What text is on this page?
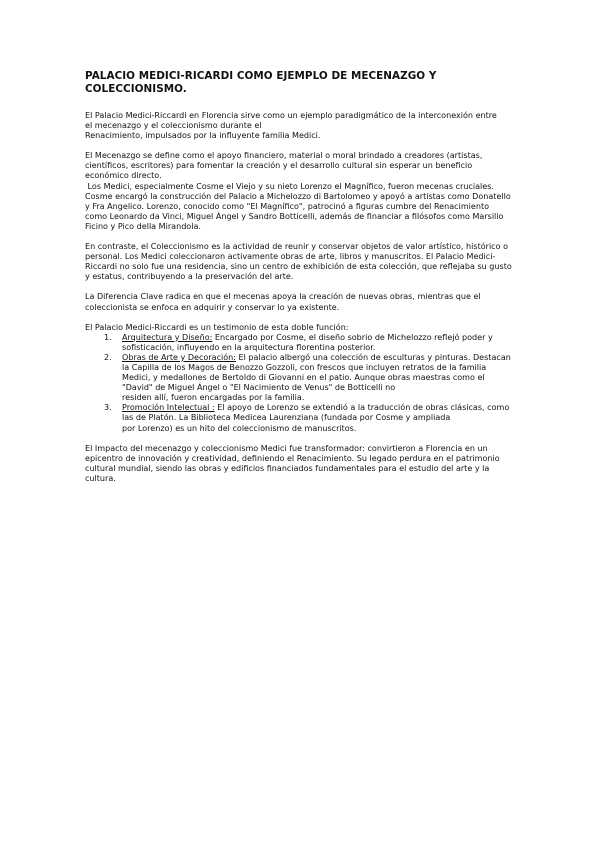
PALACIO MEDICI-RICARDI COMO EJEMPLO DE MECENAZGO Y
COLECCIONISMO.
El Palacio Medici-Riccardi en Florencia sirve como un ejemplo paradigmático de la interconexión entre
el mecenazgo y el coleccionismo durante el
Renacimiento, impulsados por la influyente familia Medici.
El Mecenazgo se define como el apoyo financiero, material o moral brindado a creadores (artistas,
científicos, escritores) para fomentar la creación y el desarrollo cultural sin esperar un beneficio
económico directo.
Los Medici, especialmente Cosme el Viejo y su nieto Lorenzo el Magnífico, fueron mecenas cruciales.
Cosme encargó la construcción del Palacio a Michelozzo di Bartolomeo y apoyó a artistas como Donatello
y Fra Angelico. Lorenzo, conocido como "El Magnífico", patrocinó a figuras cumbre del Renacimiento
como Leonardo da Vinci, Miguel Ángel y Sandro Botticelli, además de financiar a filósofos como Marsilio
Ficino y Pico della Mirandola.
En contraste, el Coleccionismo es la actividad de reunir y conservar objetos de valor artístico, histórico o
personal. Los Medici coleccionaron activamente obras de arte, libros y manuscritos. El Palacio Medici-
Riccardi no solo fue una residencia, sino un centro de exhibición de esta colección, que reflejaba su gusto
y estatus, contribuyendo a la preservación del arte.
La Diferencia Clave radica en que el mecenas apoya la creación de nuevas obras, mientras que el
coleccionista se enfoca en adquirir y conservar lo ya existente.
El Palacio Medici-Riccardi es un testimonio de esta doble función:
1. Arquitectura y Diseño: Encargado por Cosme, el diseño sobrio de Michelozzo reflejó poder y
sofisticación, influyendo en la arquitectura florentina posterior.
2. Obras de Arte y Decoración: El palacio albergó una colección de esculturas y pinturas. Destacan
la Capilla de los Magos de Benozzo Gozzoli, con frescos que incluyen retratos de la familia
Medici, y medallones de Bertoldo di Giovanni en el patio. Aunque obras maestras como el
"David" de Miguel Ángel o "El Nacimiento de Venus" de Botticelli no
residen allí, fueron encargadas por la familia.
3. Promoción Intelectual : El apoyo de Lorenzo se extendió a la traducción de obras clásicas, como
las de Platón. La Biblioteca Medicea Laurenziana (fundada por Cosme y ampliada
por Lorenzo) es un hito del coleccionismo de manuscritos.
El Impacto del mecenazgo y coleccionismo Medici fue transformador: convirtieron a Florencia en un
epicentro de innovación y creatividad, definiendo el Renacimiento. Su legado perdura en el patrimonio
cultural mundial, siendo las obras y edificios financiados fundamentales para el estudio del arte y la
cultura.
